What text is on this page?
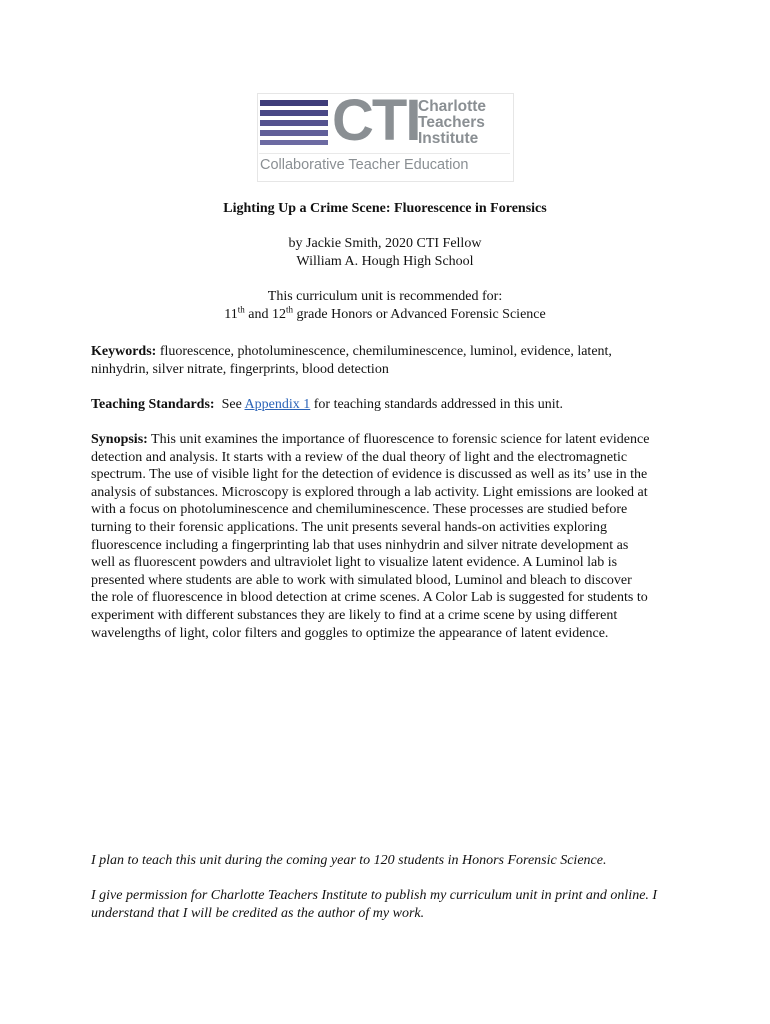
CTI
Charlotte
Teachers
Institute
Collaborative Teacher Education
Lighting Up a Crime Scene: Fluorescence in Forensics
by Jackie Smith, 2020 CTI Fellow
William A. Hough High School
This curriculum unit is recommended for:
11th and 12th grade Honors or Advanced Forensic Science
Keywords: fluorescence, photoluminescence, chemiluminescence, luminol, evidence, latent, ninhydrin, silver nitrate, fingerprints, blood detection
Teaching Standards:  See Appendix 1 for teaching standards addressed in this unit.
Synopsis: This unit examines the importance of fluorescence to forensic science for latent evidence detection and analysis. It starts with a review of the dual theory of light and the electromagnetic spectrum. The use of visible light for the detection of evidence is discussed as well as its’ use in the analysis of substances. Microscopy is explored through a lab activity. Light emissions are looked at with a focus on photoluminescence and chemiluminescence. These processes are studied before turning to their forensic applications. The unit presents several hands-on activities exploring fluorescence including a fingerprinting lab that uses ninhydrin and silver nitrate development as well as fluorescent powders and ultraviolet light to visualize latent evidence. A Luminol lab is presented where students are able to work with simulated blood, Luminol and bleach to discover the role of fluorescence in blood detection at crime scenes. A Color Lab is suggested for students to experiment with different substances they are likely to find at a crime scene by using different wavelengths of light, color filters and goggles to optimize the appearance of latent evidence.
I plan to teach this unit during the coming year to 120 students in Honors Forensic Science.
I give permission for Charlotte Teachers Institute to publish my curriculum unit in print and online. I understand that I will be credited as the author of my work.
